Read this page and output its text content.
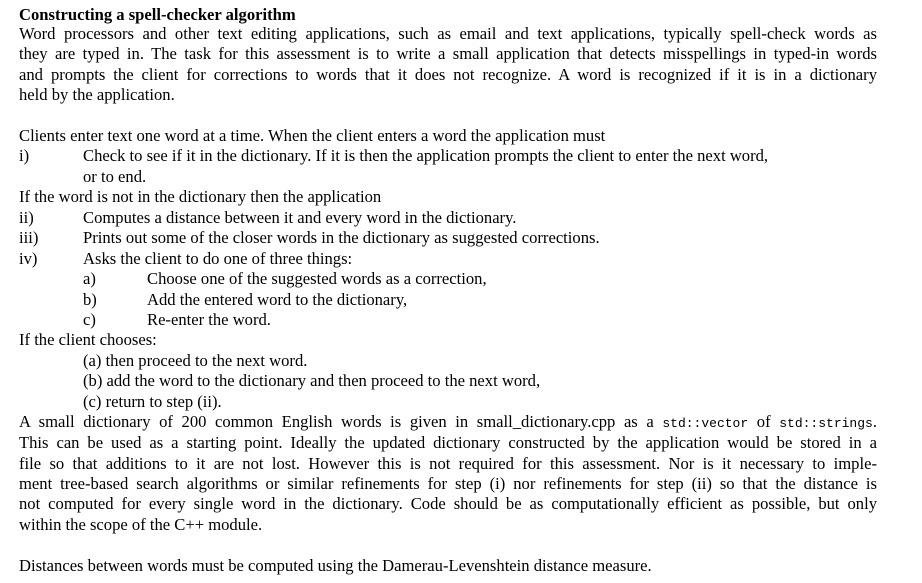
Constructing a spell-checker algorithm
Word processors and other text editing applications, such as email and text applications, typically spell-check words as
they are typed in. The task for this assessment is to write a small application that detects misspellings in typed-in words
and prompts the client for corrections to words that it does not recognize. A word is recognized if it is in a dictionary
held by the application.
Clients enter text one word at a time. When the client enters a word the application must
i)	Check to see if it in the dictionary. If it is then the application prompts the client to enter the next word,
or to end.
If the word is not in the dictionary then the application
ii)	Computes a distance between it and every word in the dictionary.
iii)	Prints out some of the closer words in the dictionary as suggested corrections.
iv)	Asks the client to do one of three things:
a)	Choose one of the suggested words as a correction,
b)	Add the entered word to the dictionary,
c)	Re-enter the word.
If the client chooses:
(a) then proceed to the next word.
(b) add the word to the dictionary and then proceed to the next word,
(c) return to step (ii).
A small dictionary of 200 common English words is given in small_dictionary.cpp as a std::vector of std::strings.
This can be used as a starting point. Ideally the updated dictionary constructed by the application would be stored in a
file so that additions to it are not lost. However this is not required for this assessment. Nor is it necessary to imple-
ment tree-based search algorithms or similar refinements for step (i) nor refinements for step (ii) so that the distance is
not computed for every single word in the dictionary. Code should be as computationally efficient as possible, but only
within the scope of the C++ module.
Distances between words must be computed using the Damerau-Levenshtein distance measure.
